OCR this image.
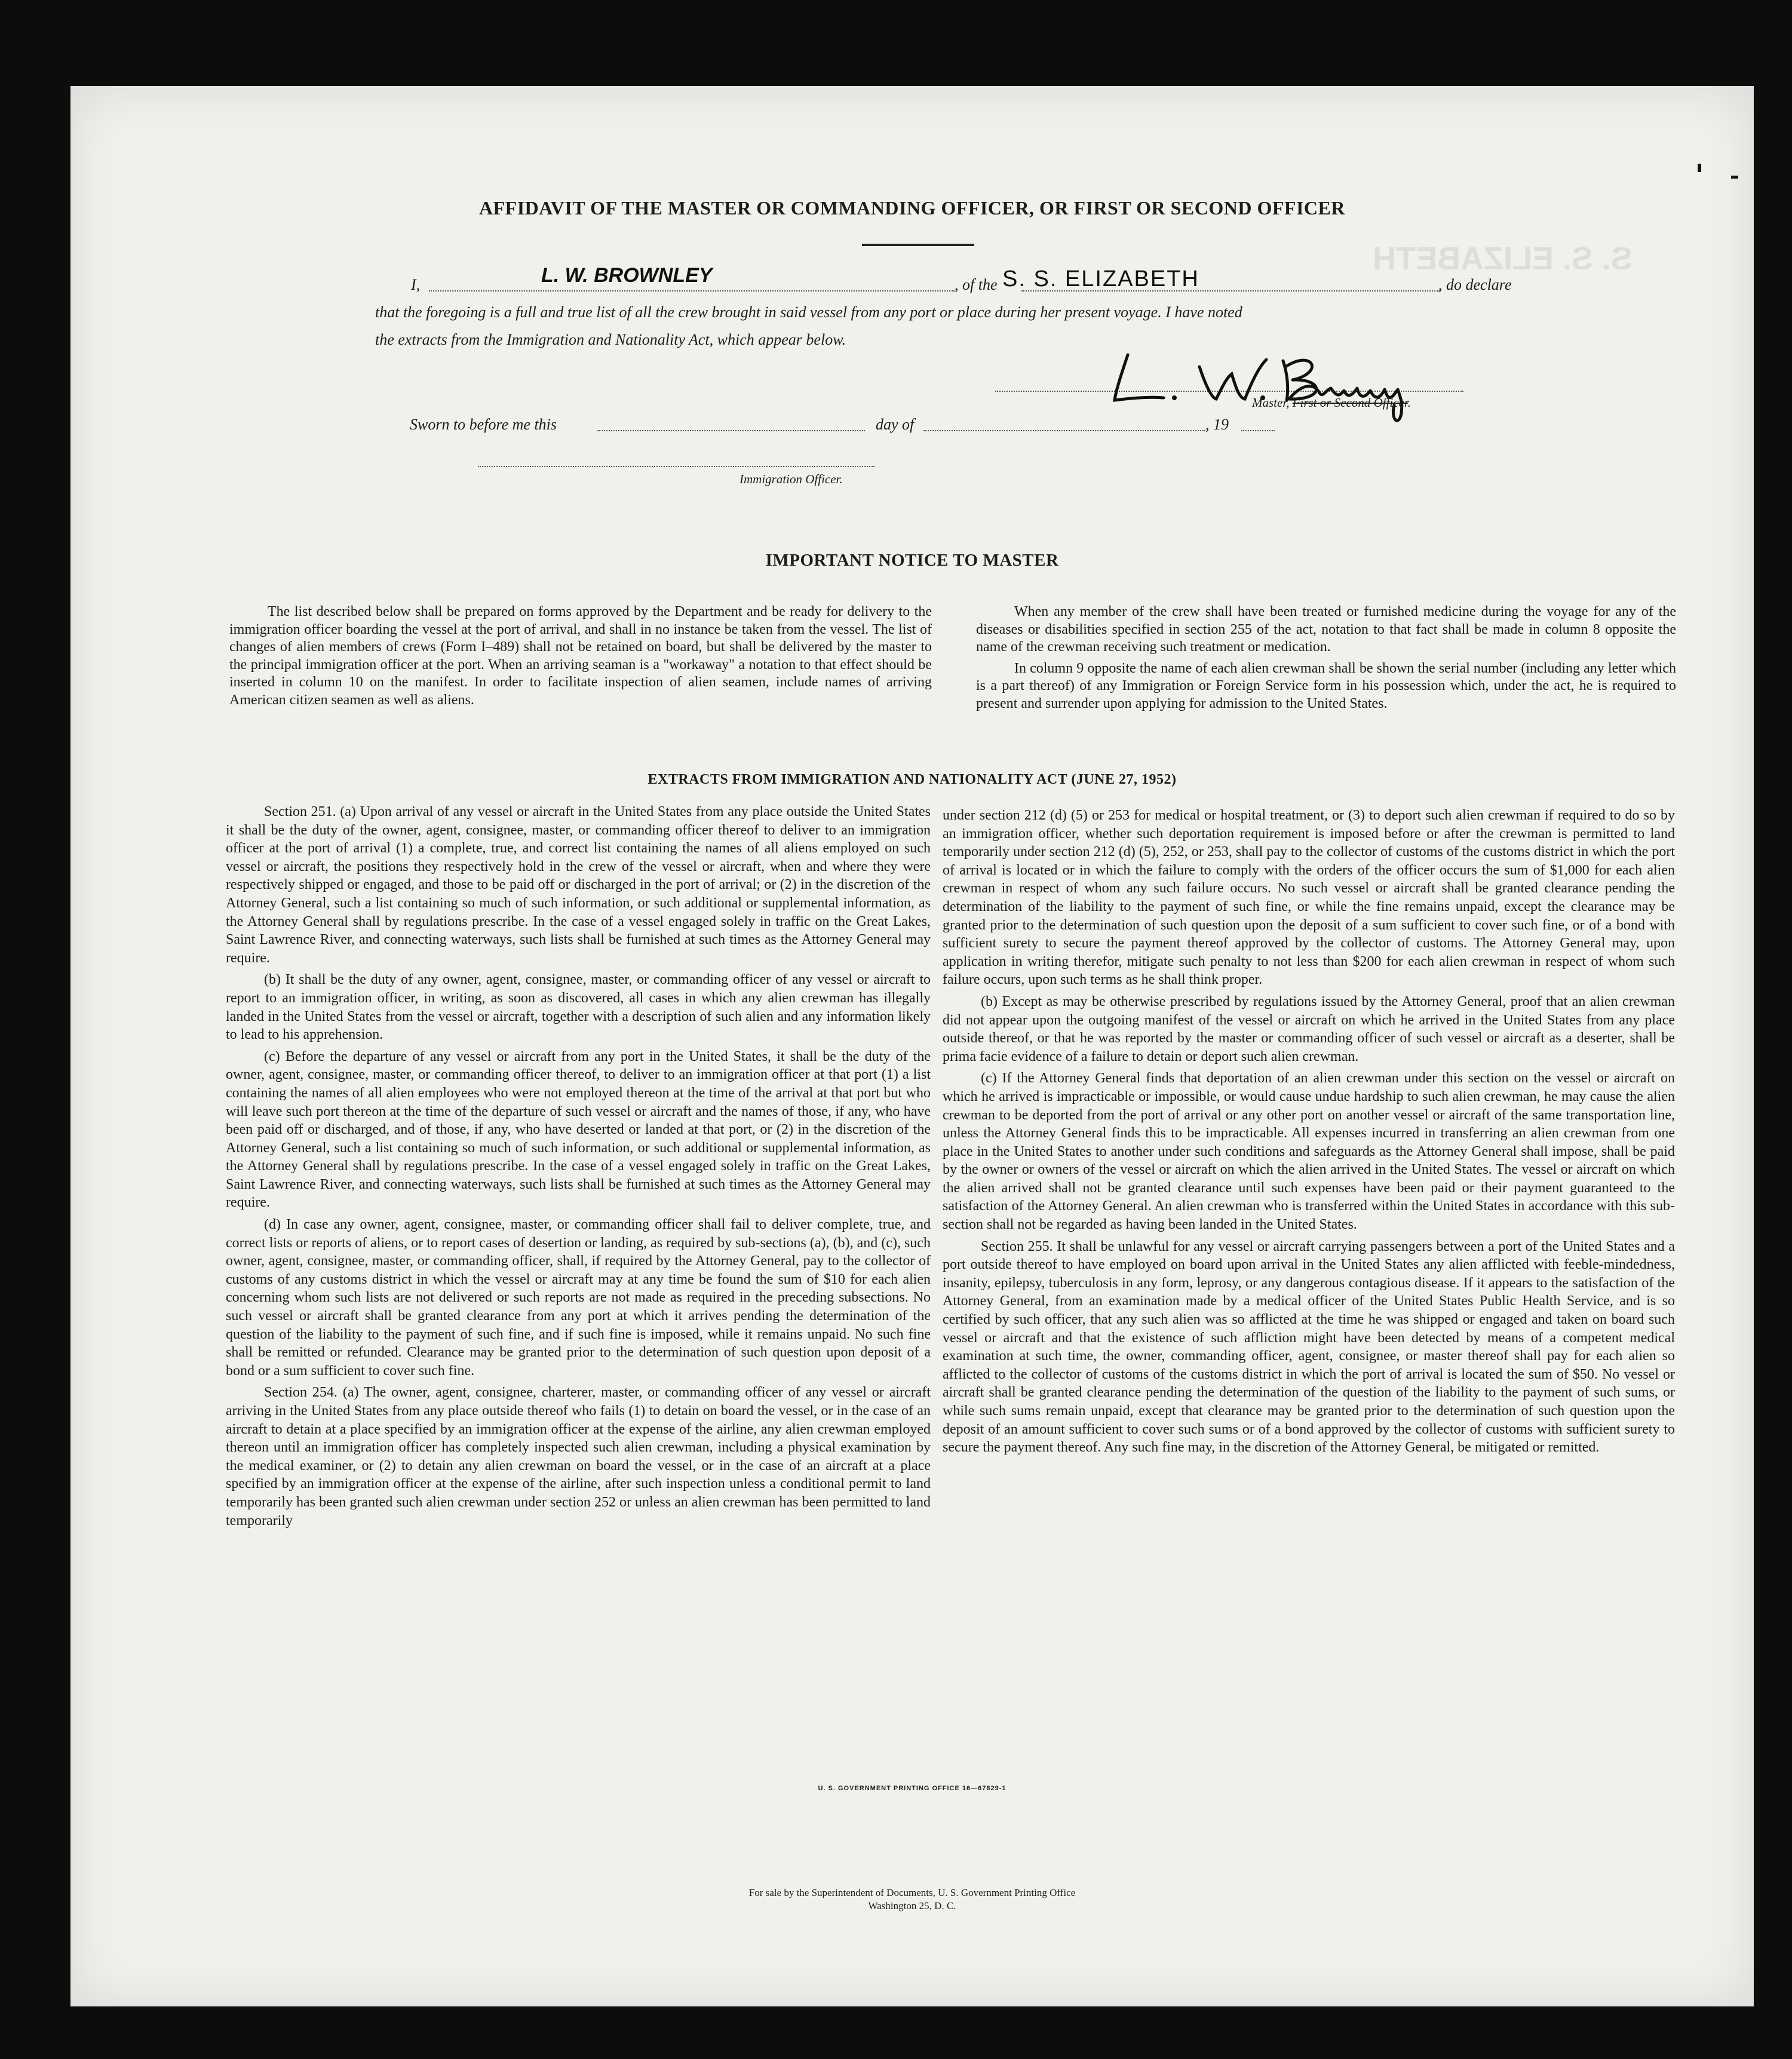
S. S. ELIZABETH
AFFIDAVIT OF THE MASTER OR COMMANDING OFFICER, OR FIRST OR SECOND OFFICER
I,	L. W. BROWNLEY	, of the S. S. ELIZABETH	, do declare
that the foregoing is a full and true list of all the crew brought in said vessel from any port or place during her present voyage. I have noted
the extracts from the Immigration and Nationality Act, which appear below.
Master, First or Second Officer.
Sworn to before me this	day of	, 19
Immigration Officer.
IMPORTANT NOTICE TO MASTER

The list described below shall be prepared on forms approved by the Department and be ready for delivery to the immigration officer boarding the vessel at the port of arrival, and shall in no instance be taken from the vessel. The list of changes of alien members of crews (Form I–489) shall not be retained on board, but shall be delivered by the master to the principal immigration officer at the port. When an arriving seaman is a "workaway" a notation to that effect should be inserted in column 10 on the manifest. In order to facilitate inspection of alien seamen, include names of arriving American citizen seamen as well as aliens.

When any member of the crew shall have been treated or furnished medicine during the voyage for any of the diseases or disabilities specified in section 255 of the act, notation to that fact shall be made in column 8 opposite the name of the crewman receiving such treatment or medication.

In column 9 opposite the name of each alien crewman shall be shown the serial number (including any letter which is a part thereof) of any Immigration or Foreign Service form in his possession which, under the act, he is required to present and surrender upon applying for admission to the United States.

EXTRACTS FROM IMMIGRATION AND NATIONALITY ACT (JUNE 27, 1952)

Section 251. (a) Upon arrival of any vessel or aircraft in the United States from any place outside the United States it shall be the duty of the owner, agent, consignee, master, or commanding officer thereof to deliver to an immigration officer at the port of arrival (1) a complete, true, and correct list containing the names of all aliens employed on such vessel or aircraft, the positions they respectively hold in the crew of the vessel or aircraft, when and where they were respectively shipped or engaged, and those to be paid off or discharged in the port of arrival; or (2) in the discretion of the Attorney General, such a list containing so much of such information, or such additional or supplemental information, as the Attorney General shall by regulations prescribe. In the case of a vessel engaged solely in traffic on the Great Lakes, Saint Lawrence River, and connecting waterways, such lists shall be furnished at such times as the Attorney General may require.

(b) It shall be the duty of any owner, agent, consignee, master, or commanding officer of any vessel or aircraft to report to an immigration officer, in writing, as soon as discovered, all cases in which any alien crewman has illegally landed in the United States from the vessel or aircraft, together with a description of such alien and any information likely to lead to his apprehension.

(c) Before the departure of any vessel or aircraft from any port in the United States, it shall be the duty of the owner, agent, consignee, master, or commanding officer thereof, to deliver to an immigration officer at that port (1) a list containing the names of all alien employees who were not employed thereon at the time of the arrival at that port but who will leave such port thereon at the time of the departure of such vessel or aircraft and the names of those, if any, who have been paid off or discharged, and of those, if any, who have deserted or landed at that port, or (2) in the discretion of the Attorney General, such a list containing so much of such information, or such additional or supplemental information, as the Attorney General shall by regulations prescribe. In the case of a vessel engaged solely in traffic on the Great Lakes, Saint Lawrence River, and connecting waterways, such lists shall be furnished at such times as the Attorney General may require.

(d) In case any owner, agent, consignee, master, or commanding officer shall fail to deliver complete, true, and correct lists or reports of aliens, or to report cases of desertion or landing, as required by sub-sections (a), (b), and (c), such owner, agent, consignee, master, or commanding officer, shall, if required by the Attorney General, pay to the collector of customs of any customs district in which the vessel or aircraft may at any time be found the sum of $10 for each alien concerning whom such lists are not delivered or such reports are not made as required in the preceding subsections. No such vessel or aircraft shall be granted clearance from any port at which it arrives pending the determination of the question of the liability to the payment of such fine, and if such fine is imposed, while it remains unpaid. No such fine shall be remitted or refunded. Clearance may be granted prior to the determination of such question upon deposit of a bond or a sum sufficient to cover such fine.

Section 254. (a) The owner, agent, consignee, charterer, master, or commanding officer of any vessel or aircraft arriving in the United States from any place outside thereof who fails (1) to detain on board the vessel, or in the case of an aircraft to detain at a place specified by an immigration officer at the expense of the airline, any alien crewman employed thereon until an immigration officer has completely inspected such alien crewman, including a physical examination by the medical examiner, or (2) to detain any alien crewman on board the vessel, or in the case of an aircraft at a place specified by an immigration officer at the expense of the airline, after such inspection unless a conditional permit to land temporarily has been granted such alien crewman under section 252 or unless an alien crewman has been permitted to land temporarily

under section 212 (d) (5) or 253 for medical or hospital treatment, or (3) to deport such alien crewman if required to do so by an immigration officer, whether such deportation requirement is imposed before or after the crewman is permitted to land temporarily under section 212 (d) (5), 252, or 253, shall pay to the collector of customs of the customs district in which the port of arrival is located or in which the failure to comply with the orders of the officer occurs the sum of $1,000 for each alien crewman in respect of whom any such failure occurs. No such vessel or aircraft shall be granted clearance pending the determination of the liability to the payment of such fine, or while the fine remains unpaid, except the clearance may be granted prior to the determination of such question upon the deposit of a sum sufficient to cover such fine, or of a bond with sufficient surety to secure the payment thereof approved by the collector of customs. The Attorney General may, upon application in writing therefor, mitigate such penalty to not less than $200 for each alien crewman in respect of whom such failure occurs, upon such terms as he shall think proper.

(b) Except as may be otherwise prescribed by regulations issued by the Attorney General, proof that an alien crewman did not appear upon the outgoing manifest of the vessel or aircraft on which he arrived in the United States from any place outside thereof, or that he was reported by the master or commanding officer of such vessel or aircraft as a deserter, shall be prima facie evidence of a failure to detain or deport such alien crewman.

(c) If the Attorney General finds that deportation of an alien crewman under this section on the vessel or aircraft on which he arrived is impracticable or impossible, or would cause undue hardship to such alien crewman, he may cause the alien crewman to be deported from the port of arrival or any other port on another vessel or aircraft of the same transportation line, unless the Attorney General finds this to be impracticable. All expenses incurred in transferring an alien crewman from one place in the United States to another under such conditions and safeguards as the Attorney General shall impose, shall be paid by the owner or owners of the vessel or aircraft on which the alien arrived in the United States. The vessel or aircraft on which the alien arrived shall not be granted clearance until such expenses have been paid or their payment guaranteed to the satisfaction of the Attorney General. An alien crewman who is transferred within the United States in accordance with this sub-section shall not be regarded as having been landed in the United States.

Section 255. It shall be unlawful for any vessel or aircraft carrying passengers between a port of the United States and a port outside thereof to have employed on board upon arrival in the United States any alien afflicted with feeble-mindedness, insanity, epilepsy, tuberculosis in any form, leprosy, or any dangerous contagious disease. If it appears to the satisfaction of the Attorney General, from an examination made by a medical officer of the United States Public Health Service, and is so certified by such officer, that any such alien was so afflicted at the time he was shipped or engaged and taken on board such vessel or aircraft and that the existence of such affliction might have been detected by means of a competent medical examination at such time, the owner, commanding officer, agent, consignee, or master thereof shall pay for each alien so afflicted to the collector of customs of the customs district in which the port of arrival is located the sum of $50. No vessel or aircraft shall be granted clearance pending the determination of the question of the liability to the payment of such sums, or while such sums remain unpaid, except that clearance may be granted prior to the determination of such question upon the deposit of an amount sufficient to cover such sums or of a bond approved by the collector of customs with sufficient surety to secure the payment thereof. Any such fine may, in the discretion of the Attorney General, be mitigated or remitted.

U. S. GOVERNMENT PRINTING OFFICE 16—67829-1
For sale by the Superintendent of Documents, U. S. Government Printing Office
Washington 25, D. C.
